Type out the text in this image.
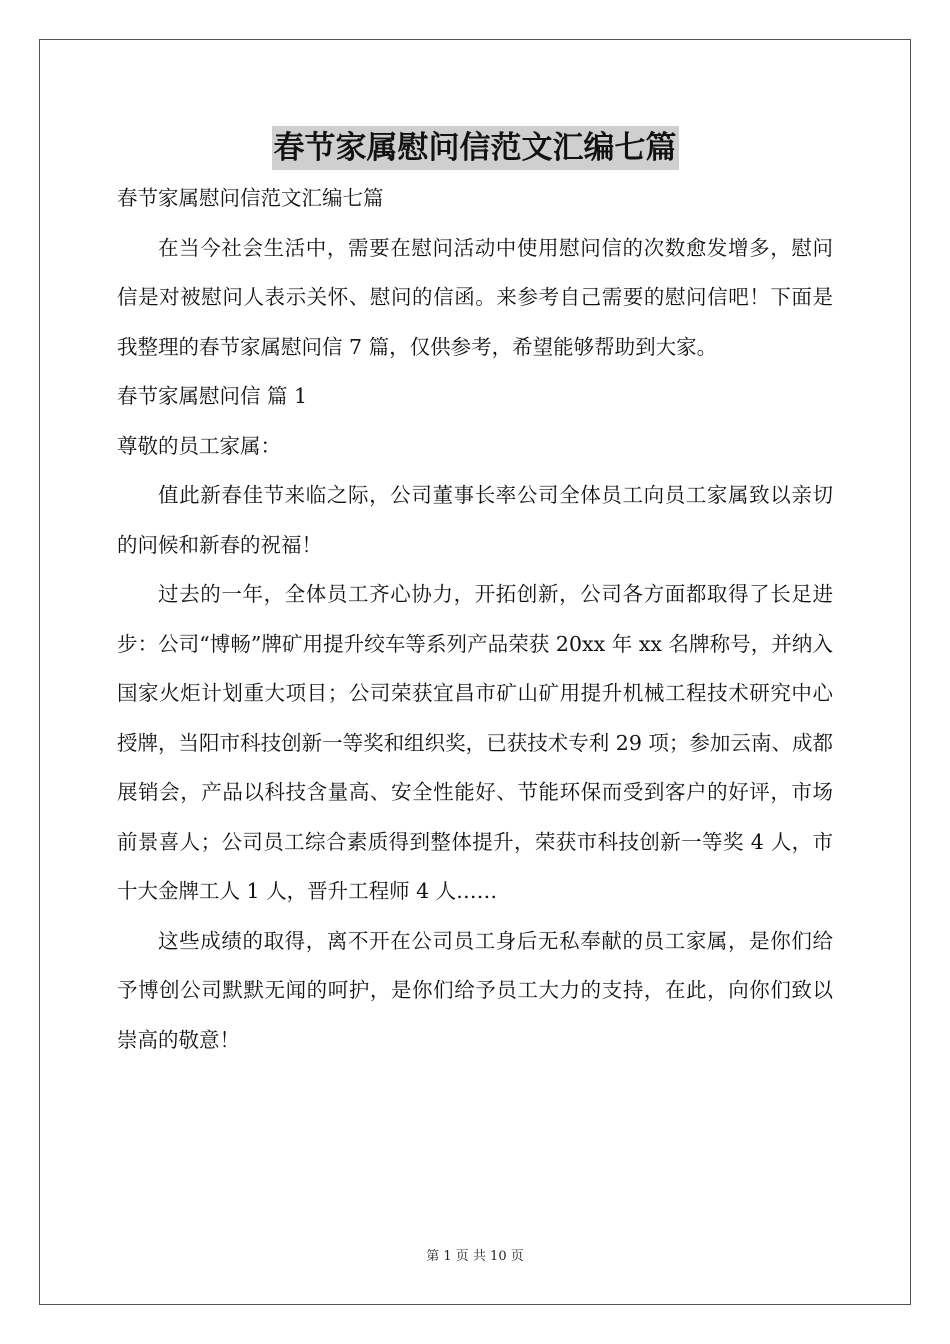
春节家属慰问信范文汇编七篇

春节家属慰问信范文汇编七篇

在当今社会生活中，需要在慰问活动中使用慰问信的次数愈发增多，慰问信是对被慰问人表示关怀、慰问的信函。来参考自己需要的慰问信吧！下面是我整理的春节家属慰问信 7 篇，仅供参考，希望能够帮助到大家。

春节家属慰问信 篇 1

尊敬的员工家属：

值此新春佳节来临之际，公司董事长率公司全体员工向员工家属致以亲切的问候和新春的祝福！

过去的一年，全体员工齐心协力，开拓创新，公司各方面都取得了长足进步：公司“博畅”牌矿用提升绞车等系列产品荣获 20xx 年 xx 名牌称号，并纳入国家火炬计划重大项目；公司荣获宜昌市矿山矿用提升机械工程技术研究中心授牌，当阳市科技创新一等奖和组织奖，已获技术专利 29 项；参加云南、成都展销会，产品以科技含量高、安全性能好、节能环保而受到客户的好评，市场前景喜人；公司员工综合素质得到整体提升，荣获市科技创新一等奖 4 人，市十大金牌工人 1 人，晋升工程师 4 人……

这些成绩的取得，离不开在公司员工身后无私奉献的员工家属，是你们给予博创公司默默无闻的呵护，是你们给予员工大力的支持，在此，向你们致以崇高的敬意！

第 1 页 共 10 页
